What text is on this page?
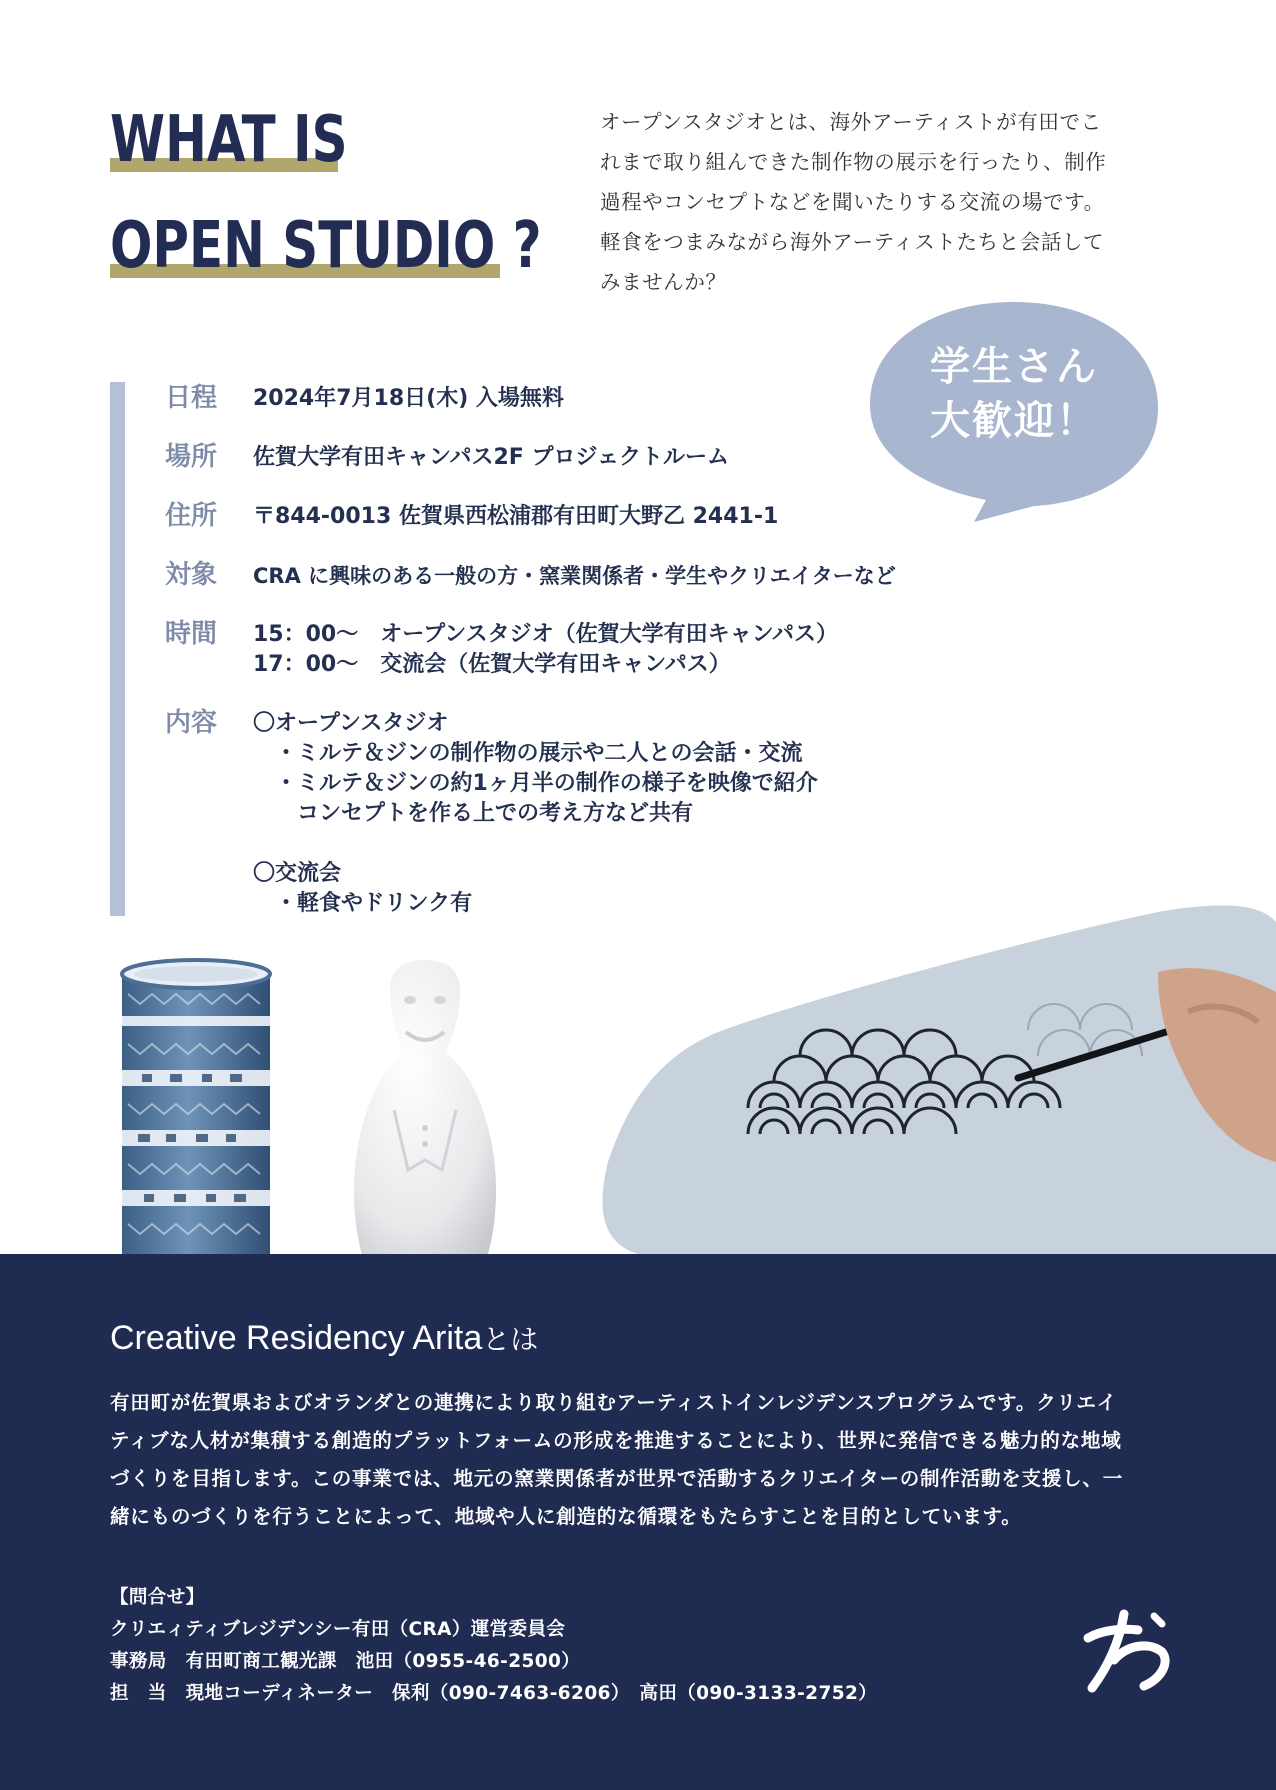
WHAT IS
OPEN STUDIO ?

オープンスタジオとは、海外アーティストが有田でこ

れまで取り組んできた制作物の展示を行ったり、制作

過程やコンセプトなどを聞いたりする交流の場です。

軽食をつまみながら海外アーティストたちと会話して

みませんか？

学生さん
大歓迎！
日程	2024年7月18日(木) 入場無料
場所	佐賀大学有田キャンパス2F プロジェクトルーム
住所	〒844-0013 佐賀県西松浦郡有田町大野乙 2441-1
対象	CRA に興味のある一般の方・窯業関係者・学生やクリエイターなど
時間	15：00〜　オープンスタジオ（佐賀大学有田キャンパス）
17：00〜　交流会（佐賀大学有田キャンパス）
内容	〇オープンスタジオ
　・ミルテ＆ジンの制作物の展示や二人との会話・交流
　・ミルテ＆ジンの約1ヶ月半の制作の様子を映像で紹介
　　コンセプトを作る上での考え方など共有
〇交流会
　・軽食やドリンク有
Creative Residency Aritaとは
有田町が佐賀県およびオランダとの連携により取り組むアーティストインレジデンスプログラムです。クリエイ
ティブな人材が集積する創造的プラットフォームの形成を推進することにより、世界に発信できる魅力的な地域
づくりを目指します。この事業では、地元の窯業関係者が世界で活動するクリエイターの制作活動を支援し、一
緒にものづくりを行うことによって、地域や人に創造的な循環をもたらすことを目的としています。
【問合せ】
クリエィティブレジデンシー有田（CRA）運営委員会
事務局　有田町商工観光課　池田（0955-46-2500）
担　当　現地コーディネーター　保利（090-7463-6206）　高田（090-3133-2752）
